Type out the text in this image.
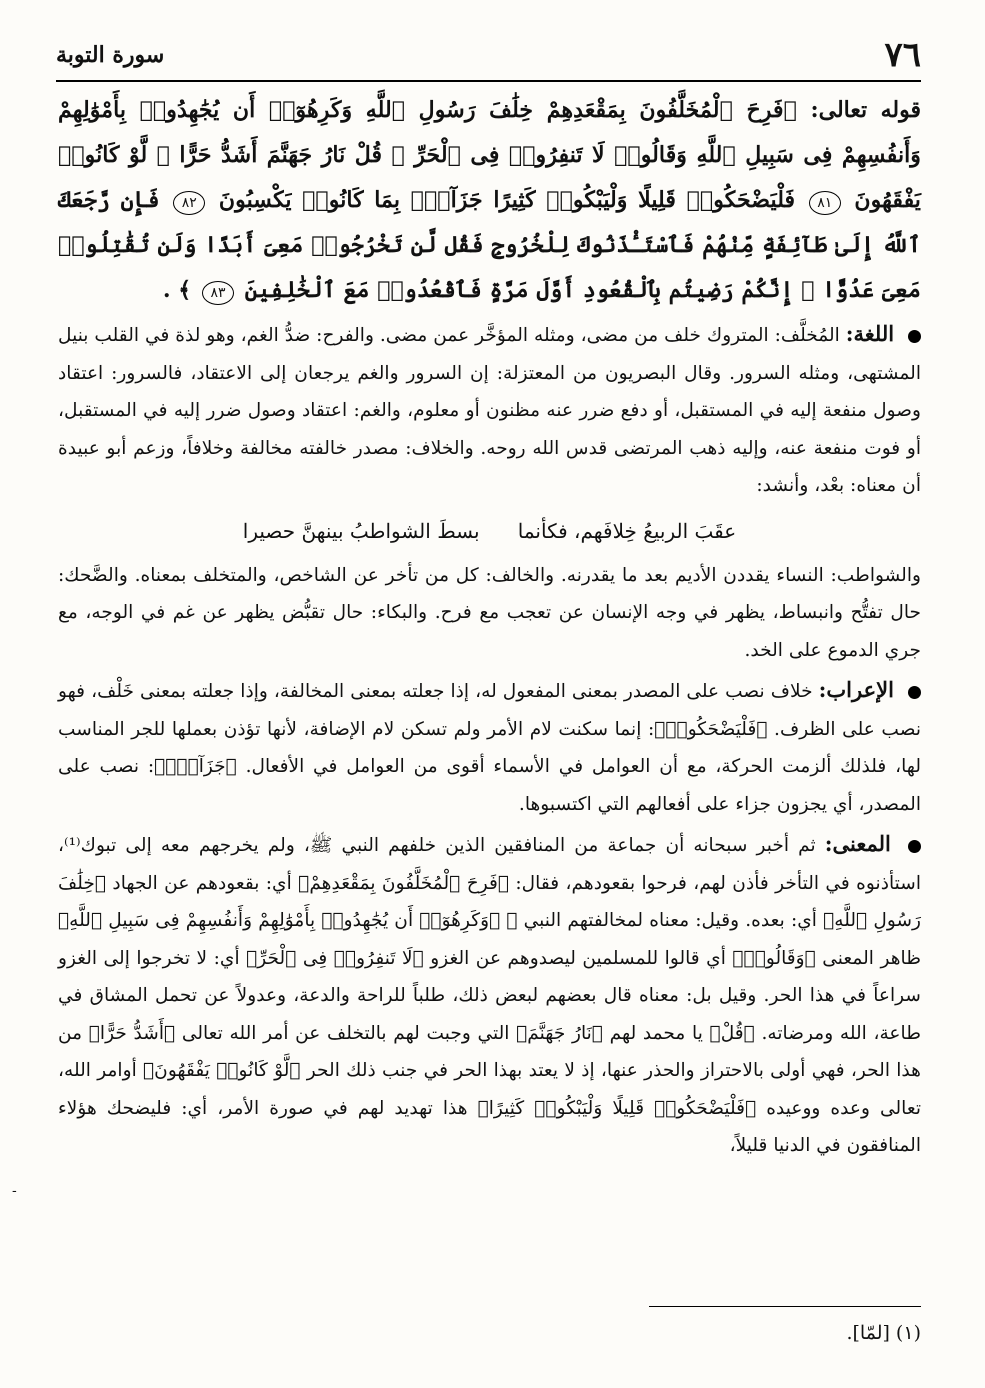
٧٦
سورة التوبة

قوله تعالى: ﴿فَرِحَ ٱلْمُخَلَّفُونَ بِمَقْعَدِهِمْ خِلَٰفَ رَسُولِ ٱللَّهِ وَكَرِهُوٓا۟ أَن يُجَٰهِدُوا۟ بِأَمْوَٰلِهِمْ وَأَنفُسِهِمْ فِى سَبِيلِ ٱللَّهِ وَقَالُوا۟ لَا تَنفِرُوا۟ فِى ٱلْحَرِّ ۗ قُلْ نَارُ جَهَنَّمَ أَشَدُّ حَرًّا ۚ لَّوْ كَانُوا۟ يَفْقَهُونَ ٨١ فَلْيَضْحَكُوا۟ قَلِيلًا وَلْيَبْكُوا۟ كَثِيرًا جَزَآءًۢ بِمَا كَانُوا۟ يَكْسِبُونَ ٨٢ فَإِن رَّجَعَكَ ٱللَّهُ إِلَىٰ طَآئِفَةٍ مِّنْهُمْ فَٱسْتَـْٔذَنُوكَ لِلْخُرُوجِ فَقُل لَّن تَخْرُجُوا۟ مَعِىَ أَبَدًا وَلَن تُقَٰتِلُوا۟ مَعِىَ عَدُوًّا ۖ إِنَّكُمْ رَضِيتُم بِٱلْقُعُودِ أَوَّلَ مَرَّةٍ فَٱقْعُدُوا۟ مَعَ ٱلْخَٰلِفِينَ ٨٣ ﴾ .

اللغة: المُخلَّف: المتروك خلف من مضى، ومثله المؤخَّر عمن مضى. والفرح: ضدُّ الغم، وهو لذة في القلب بنيل المشتهى، ومثله السرور. وقال البصريون من المعتزلة: إن السرور والغم يرجعان إلى الاعتقاد، فالسرور: اعتقاد وصول منفعة إليه في المستقبل، أو دفع ضرر عنه مظنون أو معلوم، والغم: اعتقاد وصول ضرر إليه في المستقبل، أو فوت منفعة عنه، وإليه ذهب المرتضى قدس الله روحه. والخلاف: مصدر خالفته مخالفة وخلافاً، وزعم أبو عبيدة أن معناه: بعْد، وأنشد:

عقَبَ الربيعُ خِلافَهم، فكأنما      بسطَ الشواطبُ بينهنَّ حصيرا

والشواطب: النساء يقددن الأديم بعد ما يقدرنه. والخالف: كل من تأخر عن الشاخص، والمتخلف بمعناه. والضَّحك: حال تفتُّح وانبساط، يظهر في وجه الإنسان عن تعجب مع فرح. والبكاء: حال تقبُّض يظهر عن غم في الوجه، مع جري الدموع على الخد.

الإعراب: خلاف نصب على المصدر بمعنى المفعول له، إذا جعلته بمعنى المخالفة، وإذا جعلته بمعنى خَلْف، فهو نصب على الظرف. ﴿فَلْيَضْحَكُوا۟﴾: إنما سكنت لام الأمر ولم تسكن لام الإضافة، لأنها تؤذن بعملها للجر المناسب لها، فلذلك ألزمت الحركة، مع أن العوامل في الأسماء أقوى من العوامل في الأفعال. ﴿جَزَآءًۢ﴾: نصب على المصدر، أي يجزون جزاء على أفعالهم التي اكتسبوها.

المعنى: ثم أخبر سبحانه أن جماعة من المنافقين الذين خلفهم النبي ﷺ، ولم يخرجهم معه إلى تبوك⁽¹⁾، استأذنوه في التأخر فأذن لهم، فرحوا بقعودهم، فقال: ﴿فَرِحَ ٱلْمُخَلَّفُونَ بِمَقْعَدِهِمْ﴾ أي: بقعودهم عن الجهاد ﴿خِلَٰفَ رَسُولِ ٱللَّهِ﴾ أي: بعده. وقيل: معناه لمخالفتهم النبي ﷺ ﴿وَكَرِهُوٓا۟ أَن يُجَٰهِدُوا۟ بِأَمْوَٰلِهِمْ وَأَنفُسِهِمْ فِى سَبِيلِ ٱللَّهِ﴾ ظاهر المعنى ﴿وَقَالُوا۟﴾ أي قالوا للمسلمين ليصدوهم عن الغزو ﴿لَا تَنفِرُوا۟ فِى ٱلْحَرِّ﴾ أي: لا تخرجوا إلى الغزو سراعاً في هذا الحر. وقيل بل: معناه قال بعضهم لبعض ذلك، طلباً للراحة والدعة، وعدولاً عن تحمل المشاق في طاعة، الله ومرضاته. ﴿قُلْ﴾ يا محمد لهم ﴿نَارُ جَهَنَّمَ﴾ التي وجبت لهم بالتخلف عن أمر الله تعالى ﴿أَشَدُّ حَرًّا﴾ من هذا الحر، فهي أولى بالاحتراز والحذر عنها، إذ لا يعتد بهذا الحر في جنب ذلك الحر ﴿لَّوْ كَانُوا۟ يَفْقَهُونَ﴾ أوامر الله، تعالى وعده ووعيده ﴿فَلْيَضْحَكُوا۟ قَلِيلًا وَلْيَبْكُوا۟ كَثِيرًا﴾ هذا تهديد لهم في صورة الأمر، أي: فليضحك هؤلاء المنافقون في الدنيا قليلاً،

(١) [لمّا].
-
